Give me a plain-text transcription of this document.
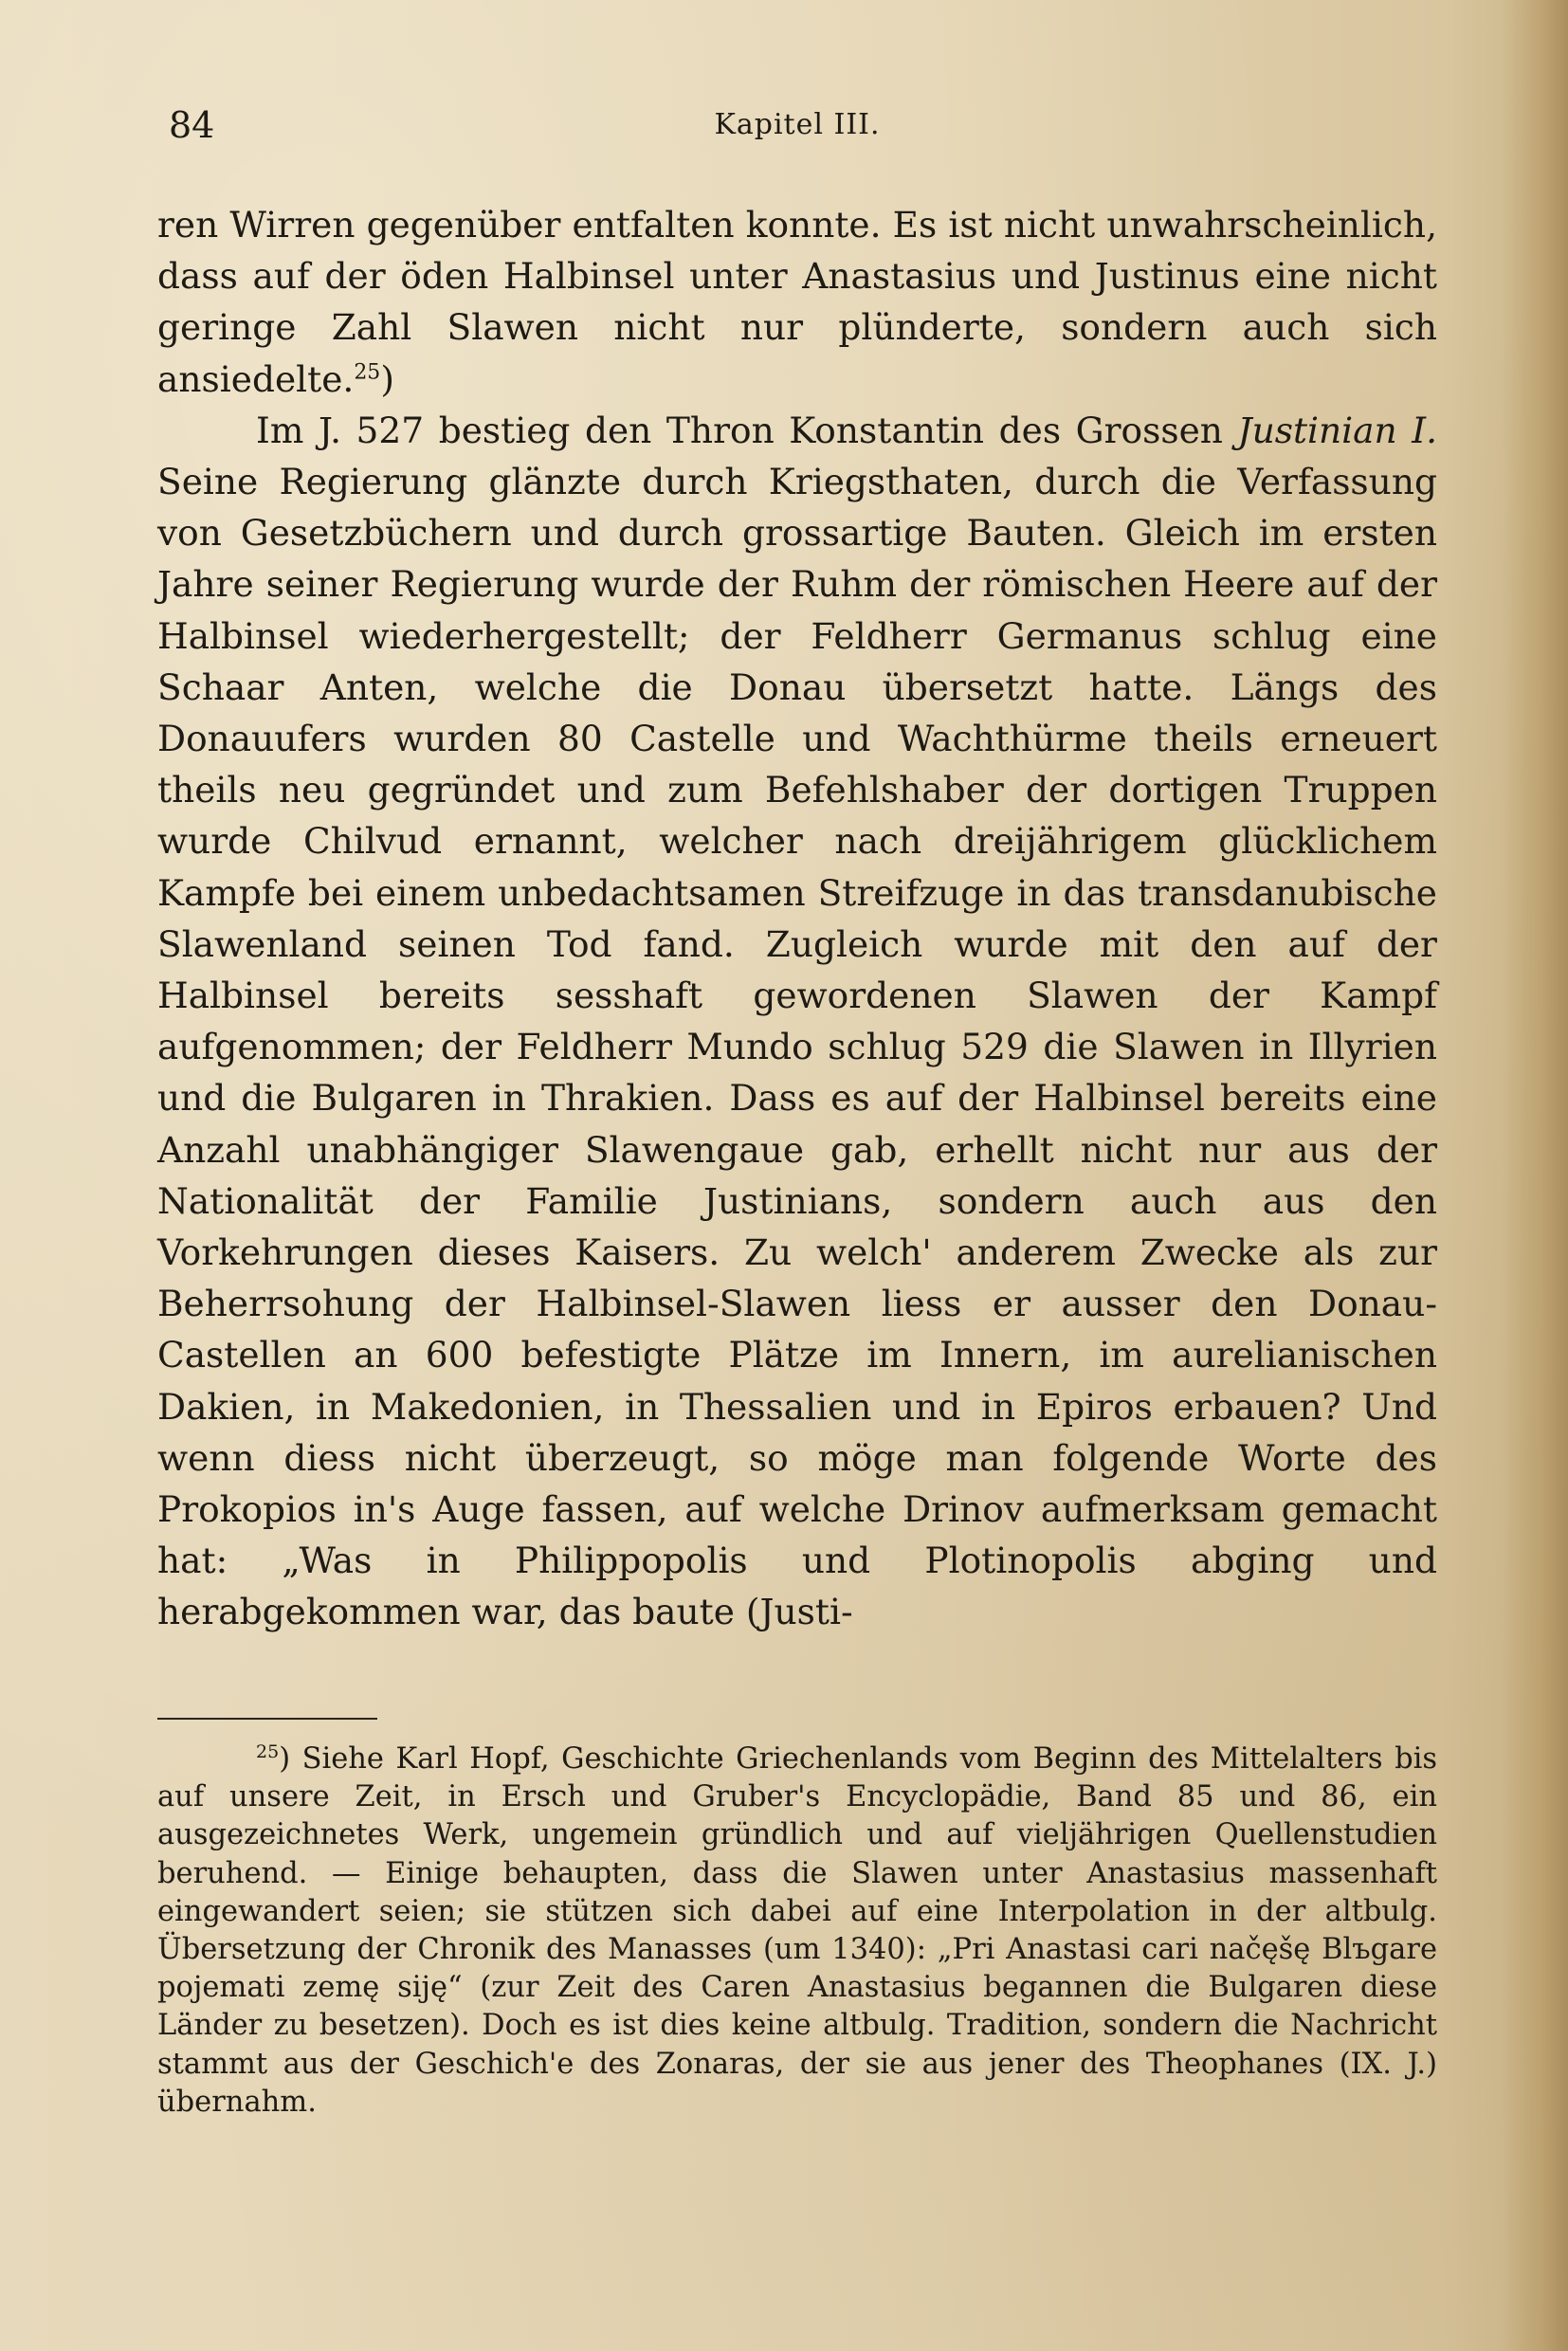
Kapitel III.
84

ren Wirren gegenüber entfalten konnte. Es ist nicht unwahrscheinlich, dass auf der öden Halbinsel unter Anastasius und Justinus eine nicht geringe Zahl Slawen nicht nur plünderte, sondern auch sich ansiedelte.$^{25}$)

Im J. 527 bestieg den Thron Konstantin des Grossen Justinian I. Seine Regierung glänzte durch Kriegsthaten, durch die Verfassung von Gesetzbüchern und durch grossartige Bauten. Gleich im ersten Jahre seiner Regierung wurde der Ruhm der römischen Heere auf der Halbinsel wiederhergestellt; der Feldherr Germanus schlug eine Schaar Anten, welche die Donau übersetzt hatte. Längs des Donauufers wurden 80 Castelle und Wachthürme theils erneuert theils neu gegründet und zum Befehlshaber der dortigen Truppen wurde Chilvud ernannt, welcher nach dreijährigem glücklichem Kampfe bei einem unbedachtsamen Streifzuge in das transdanubische Slawenland seinen Tod fand. Zugleich wurde mit den auf der Halbinsel bereits sesshaft gewordenen Slawen der Kampf aufgenommen; der Feldherr Mundo schlug 529 die Slawen in Illyrien und die Bulgaren in Thrakien. Dass es auf der Halbinsel bereits eine Anzahl unabhängiger Slawengaue gab, erhellt nicht nur aus der Nationalität der Familie Justinians, sondern auch aus den Vorkehrungen dieses Kaisers. Zu welch' anderem Zwecke als zur Beherrsohung der Halbinsel-Slawen liess er ausser den Donau-Castellen an 600 befestigte Plätze im Innern, im aurelianischen Dakien, in Makedonien, in Thessalien und in Epiros erbauen? Und wenn diess nicht überzeugt, so möge man folgende Worte des Prokopios in's Auge fassen, auf welche Drinov aufmerksam gemacht hat: „Was in Philippopolis und Plotinopolis abging und herabgekommen war, das baute (Justi-

$^{25}$) Siehe Karl Hopf, Geschichte Griechenlands vom Beginn des Mittelalters bis auf unsere Zeit, in Ersch und Gruber's Encyclopädie, Band 85 und 86, ein ausgezeichnetes Werk, ungemein gründlich und auf vieljährigen Quellenstudien beruhend. — Einige behaupten, dass die Slawen unter Anastasius massenhaft eingewandert seien; sie stützen sich dabei auf eine Interpolation in der altbulg. Übersetzung der Chronik des Manasses (um 1340): „Pri Anastasi cari načęšę Blъgare pojemati zemę siję“ (zur Zeit des Caren Anastasius begannen die Bulgaren diese Länder zu besetzen). Doch es ist dies keine altbulg. Tradition, sondern die Nachricht stammt aus der Geschich'e des Zonaras, der sie aus jener des Theophanes (IX. J.) übernahm.
